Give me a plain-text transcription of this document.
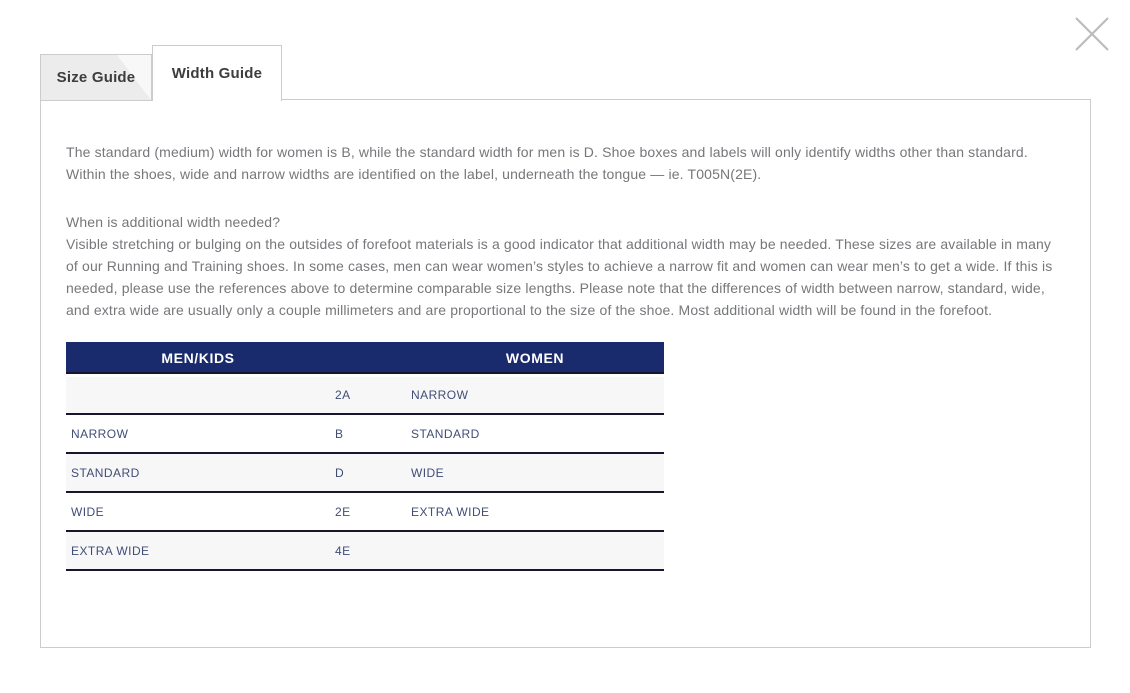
Size Guide Width Guide

The standard (medium) width for women is B, while the standard width for men is D. Shoe boxes and labels will only identify widths other than standard. Within the shoes, wide and narrow widths are identified on the label, underneath the tongue — ie. T005N(2E).

When is additional width needed?

Visible stretching or bulging on the outsides of forefoot materials is a good indicator that additional width may be needed. These sizes are available in many of our Running and Training shoes. In some cases, men can wear women’s styles to achieve a narrow fit and women can wear men’s to get a wide. If this is needed, please use the references above to determine comparable size lengths. Please note that the differences of width between narrow, standard, wide, and extra wide are usually only a couple millimeters and are proportional to the size of the shoe. Most additional width will be found in the forefoot.

MEN/KIDS		WOMEN
	2A	NARROW
NARROW	B	STANDARD
STANDARD	D	WIDE
WIDE	2E	EXTRA WIDE
EXTRA WIDE	4E	
